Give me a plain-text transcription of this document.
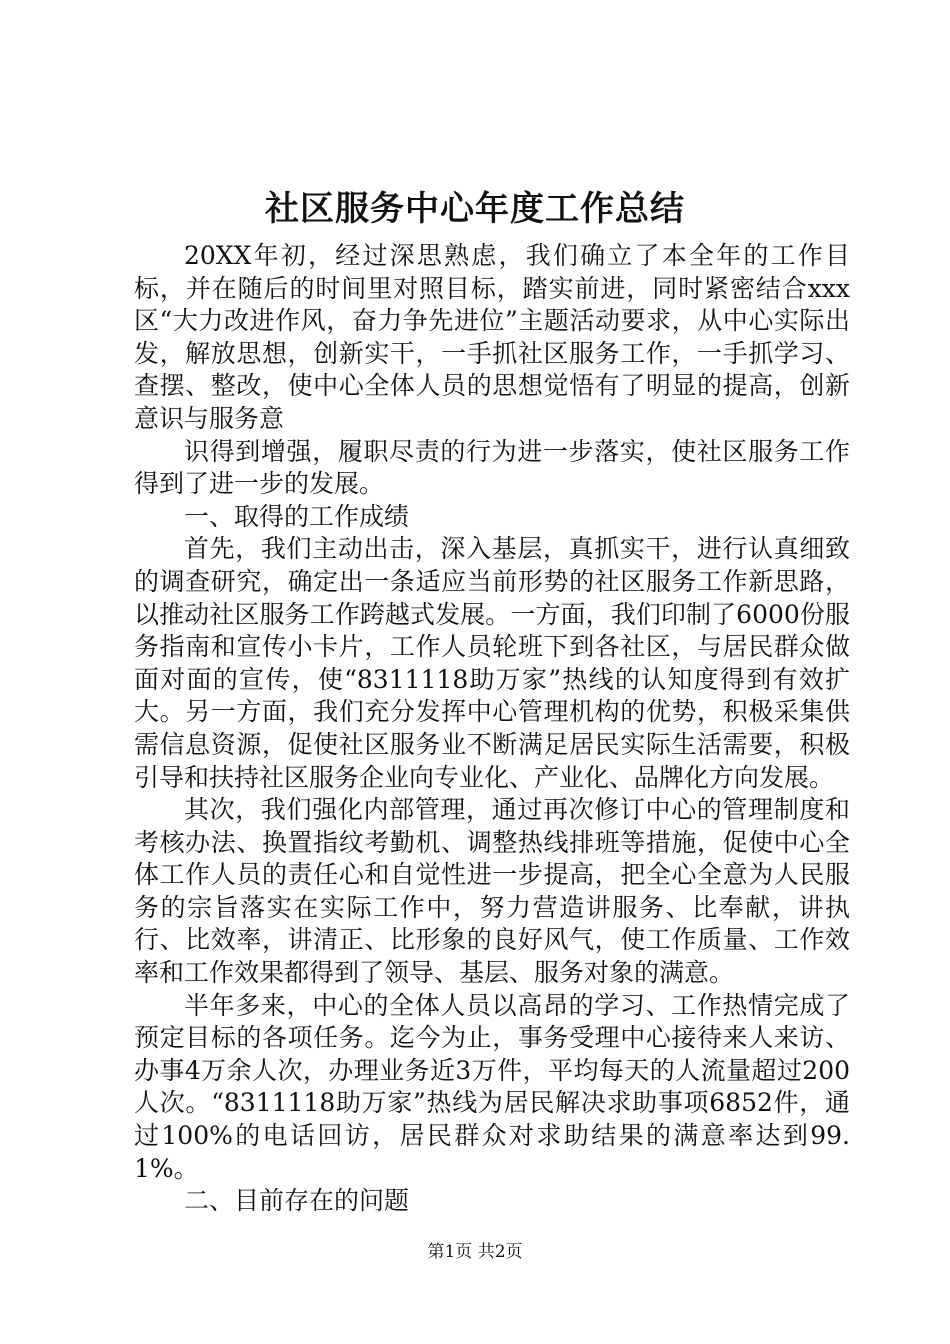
社区服务中心年度工作总结

20XX年初，经过深思熟虑，我们确立了本全年的工作目标，并在随后的时间里对照目标，踏实前进，同时紧密结合xxx区“大力改进作风，奋力争先进位”主题活动要求，从中心实际出发，解放思想，创新实干，一手抓社区服务工作，一手抓学习、查摆、整改，使中心全体人员的思想觉悟有了明显的提高，创新意识与服务意

识得到增强，履职尽责的行为进一步落实，使社区服务工作得到了进一步的发展。

一、取得的工作成绩

首先，我们主动出击，深入基层，真抓实干，进行认真细致的调查研究，确定出一条适应当前形势的社区服务工作新思路，以推动社区服务工作跨越式发展。一方面，我们印制了6000份服务指南和宣传小卡片，工作人员轮班下到各社区，与居民群众做面对面的宣传，使“8311118助万家”热线的认知度得到有效扩大。另一方面，我们充分发挥中心管理机构的优势，积极采集供需信息资源，促使社区服务业不断满足居民实际生活需要，积极引导和扶持社区服务企业向专业化、产业化、品牌化方向发展。

其次，我们强化内部管理，通过再次修订中心的管理制度和考核办法、换置指纹考勤机、调整热线排班等措施，促使中心全体工作人员的责任心和自觉性进一步提高，把全心全意为人民服务的宗旨落实在实际工作中，努力营造讲服务、比奉献，讲执行、比效率，讲清正、比形象的良好风气，使工作质量、工作效率和工作效果都得到了领导、基层、服务对象的满意。

半年多来，中心的全体人员以高昂的学习、工作热情完成了预定目标的各项任务。迄今为止，事务受理中心接待来人来访、办事4万余人次，办理业务近3万件，平均每天的人流量超过200人次。“8311118助万家”热线为居民解决求助事项6852件，通过100%的电话回访，居民群众对求助结果的满意率达到99.1%。

二、目前存在的问题

第1页 共2页
